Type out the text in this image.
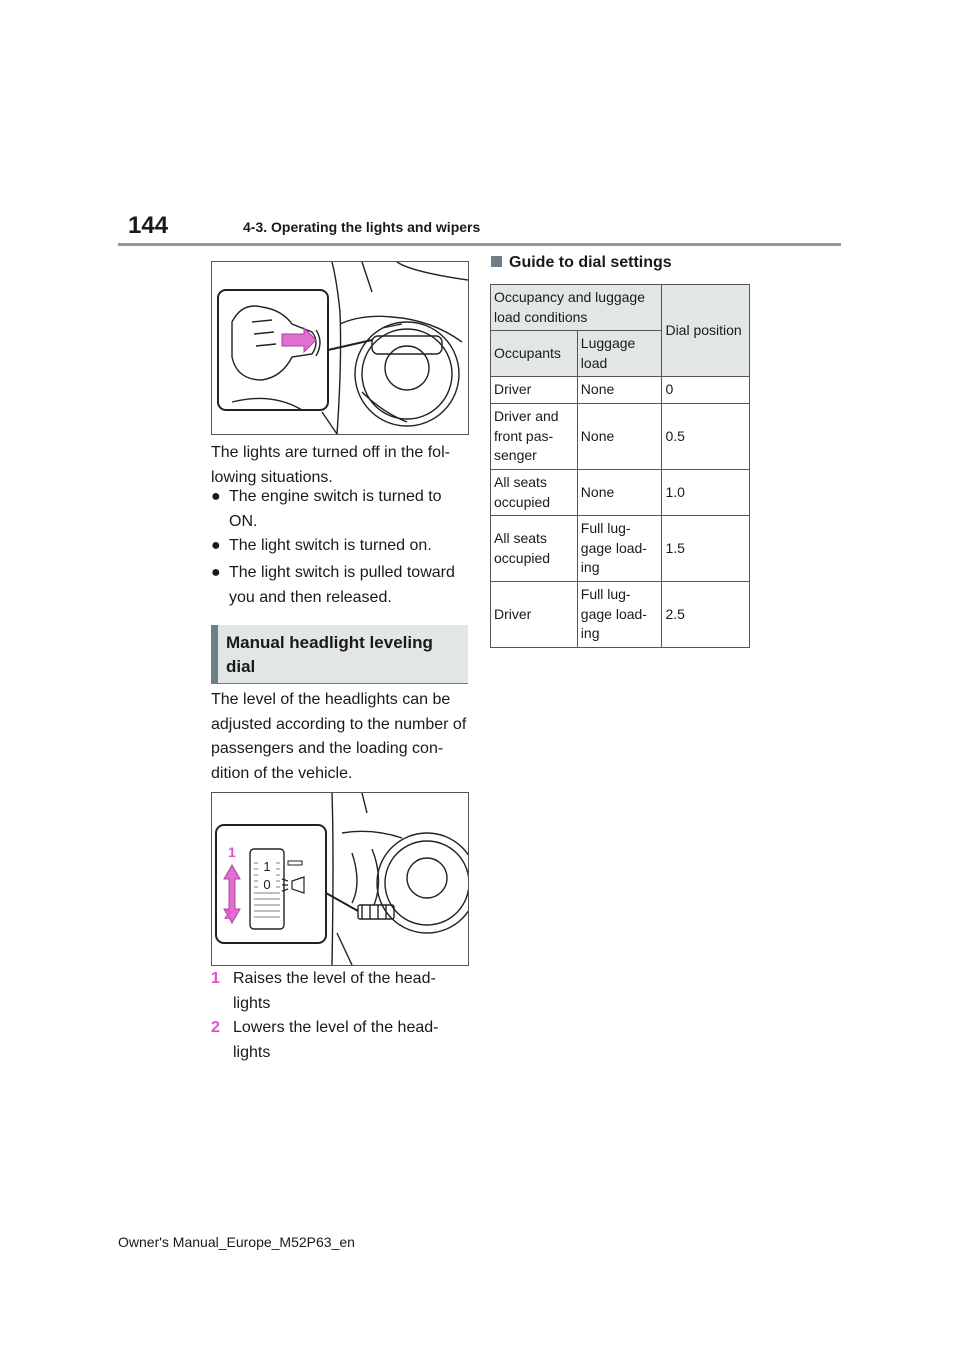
144	4-3. Operating the lights and wipers
The lights are turned off in the fol-
lowing situations.
● The engine switch is turned to ON.
● The light switch is turned on.
● The light switch is pulled toward you and then released.
Manual headlight leveling dial
The level of the headlights can be adjusted according to the number of passengers and the loading con-dition of the vehicle.
1
0
1
2
1 Raises the level of the head-lights
2 Lowers the level of the head-lights
Guide to dial settings
Occupancy and luggage load conditions		Dial position
Occupants	Luggage load	
Driver	None	0
Driver and front pas-senger	None	0.5
All seats occupied	None	1.0
All seats occupied	Full lug-gage load-ing	1.5
Driver	Full lug-gage load-ing	2.5
Owner's Manual_Europe_M52P63_en
